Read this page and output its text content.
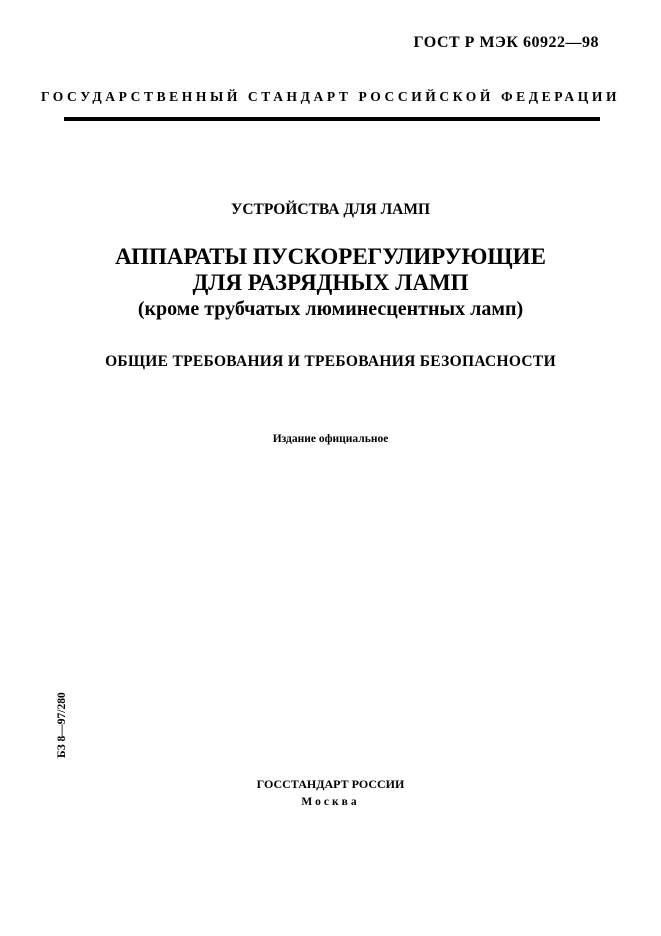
ГОСТ Р МЭК 60922—98
ГОСУДАРСТВЕННЫЙ СТАНДАРТ РОССИЙСКОЙ ФЕДЕРАЦИИ
УСТРОЙСТВА ДЛЯ ЛАМП
АППАРАТЫ ПУСКОРЕГУЛИРУЮЩИЕ
ДЛЯ РАЗРЯДНЫХ ЛАМП
(кроме трубчатых люминесцентных ламп)
ОБЩИЕ ТРЕБОВАНИЯ И ТРЕБОВАНИЯ БЕЗОПАСНОСТИ
Издание официальное
БЗ 8—97/280
ГОССТАНДАРТ РОССИИ
Москва
